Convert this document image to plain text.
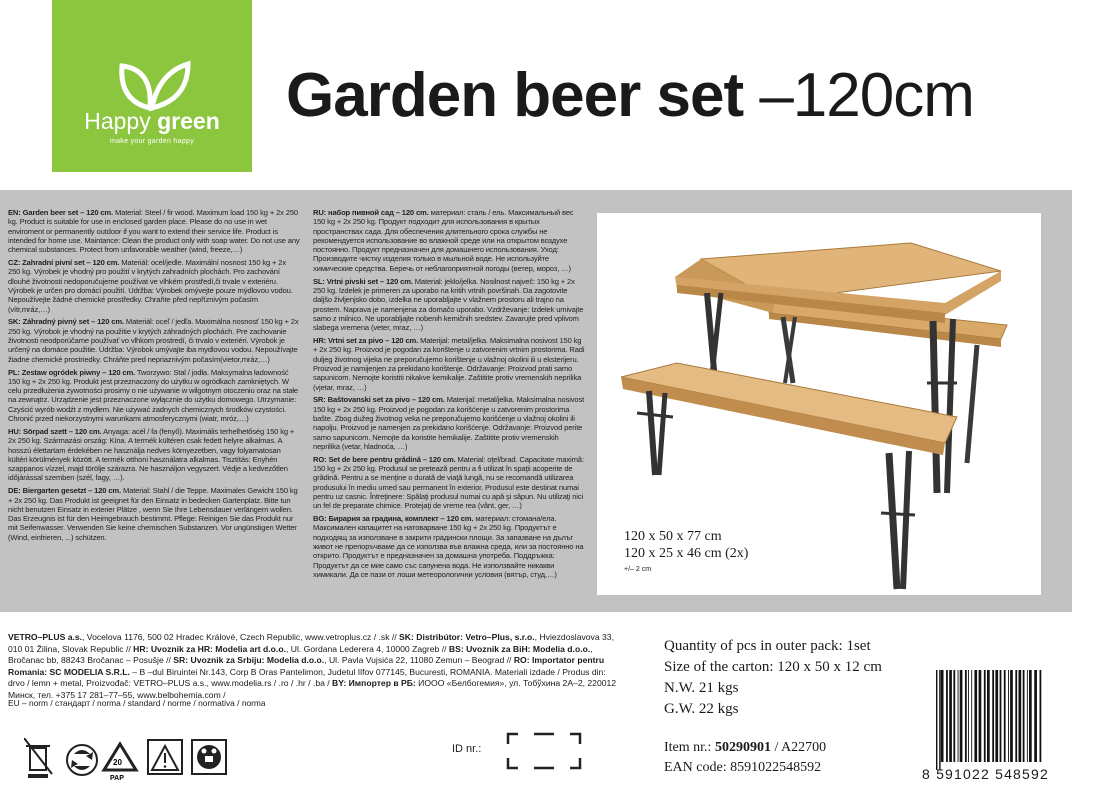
Happy green
make your garden happy
Garden beer set –120cm

EN: Garden beer set – 120 cm. Material: Steel / fir wood. Maximum load 150 kg + 2x 250 kg. Product is suitable for use in enclosed garden place. Please do no use in wet enviroment or permanently outdoor if you want to extend their service life. Product is intended for home use. Maintance: Clean the product only with soap water. Do not use any chemical substances. Protect from unfavorable weather (wind, freeze,…)

CZ: Zahradní pivní set – 120 cm. Materiál: ocel/jedle. Maximální nosnost 150 kg + 2x 250 kg. Výrobek je vhodný pro použití v krytých zahradních plochách. Pro zachování dlouhé životnosti nedoporučujeme používat ve vlhkém prostředí,či trvale v exteriéru. Výrobek je určen pro domácí použití. Údržba: Výrobek omývejte pouze mýdlovou vodou. Nepoužívejte žádné chemické prostředky. Chraňte před nepříznivým počasím (vítr,mráz,…)

SK: Záhradný pivný set – 120 cm. Materiál: oceľ / jedľa. Maximálna nosnosť 150 kg + 2x 250 kg. Výrobok je vhodný na použitie v krytých záhradných plochách. Pre zachovanie životnosti neodporúčame používať vo vlhkom prostredí, či trvalo v exteriéri. Výrobok je určený na domáce použitie. Údržba: Výrobok umývajte iba mydlovou vodou. Nepoužívajte žiadne chemické prostriedky. Chráňte pred nepriaznivým počasím(vietor,mráz,…)

PL: Zestaw ogródek piwny – 120 cm. Tworzywo: Stal / jodła. Maksymalna ładowność 150 kg + 2x 250 kg. Produkt jest przeznaczony do użytku w ogródkach zamkniętych. W celu przedłużenia żywotności prosimy o nie używanie w wilgotnym otoczeniu oraz na stałe na zewnątrz. Urządzenie jest przeznaczone wyłącznie do użytku domowego. Utrzymanie: Czyścić wyrób wodźt z mydłem. Nie używać żadnych chemicznych środków czystości. Chronić przed niekorzystnymi warunkami atmosferycznymi (wiatr, mróz,…)

HU: Sörpad szett – 120 cm. Anyaga: acél / fa (fenyő). Maximális terhelhetőség 150 kg + 2x 250 kg. Származási ország: Kína. A termék kültéren csak fedett helyre alkalmas. A hosszú élettartam érdekében ne használja nedves környezetben, vagy folyamatosan kültéri körülmények között. A termék otthoni használatra alkalmas. Tisztítás: Enyhén szappanos vízzel, majd törölje szárazra. Ne használjon vegyszert. Védje a kedvezőtlen időjárással szemben (szél, fagy, …).

DE: Biergarten gesetzt – 120 cm. Material: Stahl / die Teppe. Maximales Gewicht 150 kg + 2x 250 kg. Das Produkt ist geeignet für den Einsatz in bedecken Gartenplatz. Bitte tun nicht benutzen Einsatz in exterier Plätze , wenn Sie Ihre Lebensdauer verlängern wollen. Das Erzeugnis ist für den Heimgebrauch bestimmt. Pflege: Reinigen Sie das Produkt nur mit Seifenwasser. Verwenden Sie keine chemischen Substanzen. Vor ungünstigen Wetter (Wind, einfrieren, ...) schützen.

RU: набор пивной сад – 120 cm. материал: сталь / ель. Максимальный вес 150 kg + 2x 250 kg. Продукт подходит для использования в крытых пространствах сада. Для обеспечения длительного срока службы не рекомендуется использование во влажной среде или на открытом воздухе постоянно. Продукт предназначен для домашнего использования. Уход: Производите чистку изделия только в мыльной воде. Не используйте химические средства. Беречь от неблагоприятной погоды (ветер, мороз, …)

SL: Vrtni pivski set – 120 cm. Material: jeklo/jelka. Nosilnost največ: 150 kg + 2x 250 kg. Izdelek je primeren za uporabo na kritih vrtnih površinah. Da zagotovite daljšo življenjsko dobo, izdelka ne uporabljajte v vlažnem prostoru ali trajno na prostem. Naprava je namenjena za domačo uporabo. Vzdrževanje: Izdelek umivajte samo z milnico. Ne uporabljajte nobenih kemičnih sredstev. Zavarujte pred vplivom slabega vremena (veter, mraz, …)

HR: Vrtni set za pivo – 120 cm. Materijal: metal/jelka. Maksimalna nosivost 150 kg + 2x 250 kg. Proizvod je pogodan za korištenje u zatvorenim vrtnim prostorima. Radi duljeg životnog vijeka ne preporučujemo korištenje u vlažnoj okolini ili u eksterijeru. Proizvod je namijenjen za prekidano korištenje. Održavanje: Proizvod prati samo sapunicom. Nemojte koristiti nikakve kemikalije. Zaštitite protiv vremenskih neprilika (vjetar, mraz, …)

SR: Baštovanski set za pivo – 120 cm. Materijal: metal/jelka. Maksimalna nosivost 150 kg + 2x 250 kg. Proizvod je pogodan za korišćenje u zatvorenim prostorima bašte. Zbog dužeg životnog veka ne preporučujemo korišćenje u vlažnoj okolini ili napolju. Proizvod je namenjen za prekidano korišćenje. Održavanje: Proizvod perite samo sapunicom. Nemojte da koristite hemikalije. Zaštitite protiv vremenskih neprilika (vetar, hladnoća, …)

RO: Set de bere pentru grădină – 120 cm. Material: oţel/brad. Capacitate maximă: 150 kg + 2x 250 kg. Produsul se pretează pentru a fi utilizat în spaţii acoperite de grădină. Pentru a se menţine o durată de viaţă lungă, nu se recomandă utilizarea produsului în mediu umed sau permanent în exterior. Produsul este destinat numai pentru uz casnic. Întreţinere: Spălaţi produsul numai cu apă şi săpun. Nu utilizaţi nici un fel de preparate chimice. Protejaţi de vreme rea (vânt, ger, …)

BG: Бирария за градина, комплект – 120 cm. материал: стомана/ела. Максимален капацитет на натоварване 150 kg + 2x 250 kg. Продуктът е подходящ за използване в закрити градински площи. За запазване на дълъг живот не препоръчваме да се използва във влажна среда, или за постоянно на открито. Продуктът е предназначен за домашна употреба. Поддръжка: Продуктът да се мие само със сапунена вода. Не използвайте никакви химикали. Да се пази от лоши метеорологични условия (вятър, студ,…)

120 x 50 x 77 cm
120 x 25 x 46 cm (2x)
+/– 2 cm
VETRO–PLUS a.s., Vocelova 1176, 500 02 Hradec Králové, Czech Republic, www.vetroplus.cz / .sk // SK: Distribútor: Vetro–Plus, s.r.o., Hviezdoslavova 33, 010 01 Žilina, Slovak Republic // HR: Uvoznik za HR: Modelia art d.o.o., Ul. Gordana Lederera 4, 10000 Zagreb // BS: Uvoznik za BiH: Modelia d.o.o., Bročanac bb, 88243 Bročanac – Posušje // SR: Uvoznik za Srbiju: Modelia d.o.o., Ul. Pavla Vujsića 22, 11080 Zemun – Beograd // RO: Importator pentru Romania: SC MODELIA S.R.L. – B –dul Biruintei Nr.143, Corp B Oras Pantelimon, Judetul Ilfov 077145, Bucuresti, ROMANIA. Materiali izdade / Produs din: drvo / lemn + metal, Proizvođač: VETRO–PLUS a.s., www.modelia.rs / .ro / .hr / .ba / BY: Импортер в РБ: ИООО «Белбогемия», ул. Тобўхина 2А–2, 220012 Минск, тел. +375 17 281–77–55, www.belbohemia.com /
EU – norm / стандарт / norma / standard / norme / normativa / norma
Quantity of pcs in outer pack: 1set
Size of the carton: 120 x 50 x 12 cm
N.W. 21 kgs
G.W. 22 kgs
ID nr.:	Item nr.: 50290901 / A22700
EAN code: 8591022548592	8 591022 548592
20
PAP
